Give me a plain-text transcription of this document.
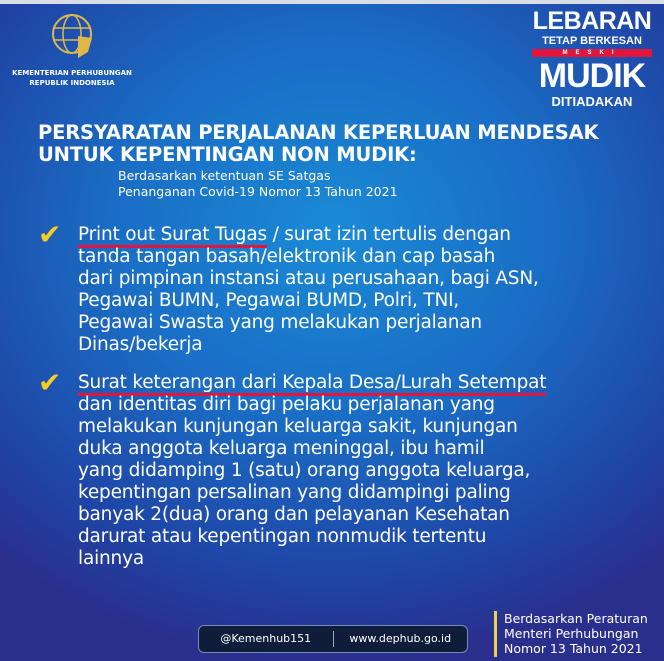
KEMENTERIAN PERHUBUNGAN
REPUBLIK INDONESIA
LEBARAN
TETAP BERKESAN
MESKI
MUDIK
DITIADAKAN
PERSYARATAN PERJALANAN KEPERLUAN MENDESAK
UNTUK KEPENTINGAN NON MUDIK:
Berdasarkan ketentuan SE Satgas
Penanganan Covid-19 Nomor 13 Tahun 2021
✔ Print out Surat Tugas / surat izin tertulis dengan
tanda tangan basah/elektronik dan cap basah
dari pimpinan instansi atau perusahaan, bagi ASN,
Pegawai BUMN, Pegawai BUMD, Polri, TNI,
Pegawai Swasta yang melakukan perjalanan
Dinas/bekerja
✔ Surat keterangan dari Kepala Desa/Lurah Setempat
dan identitas diri bagi pelaku perjalanan yang
melakukan kunjungan keluarga sakit, kunjungan
duka anggota keluarga meninggal, ibu hamil
yang didamping 1 (satu) orang anggota keluarga,
kepentingan persalinan yang didampingi paling
banyak 2(dua) orang dan pelayanan Kesehatan
darurat atau kepentingan nonmudik tertentu
lainnya
@Kemenhub151	www.dephub.go.id
Berdasarkan Peraturan
Menteri Perhubungan
Nomor 13 Tahun 2021
